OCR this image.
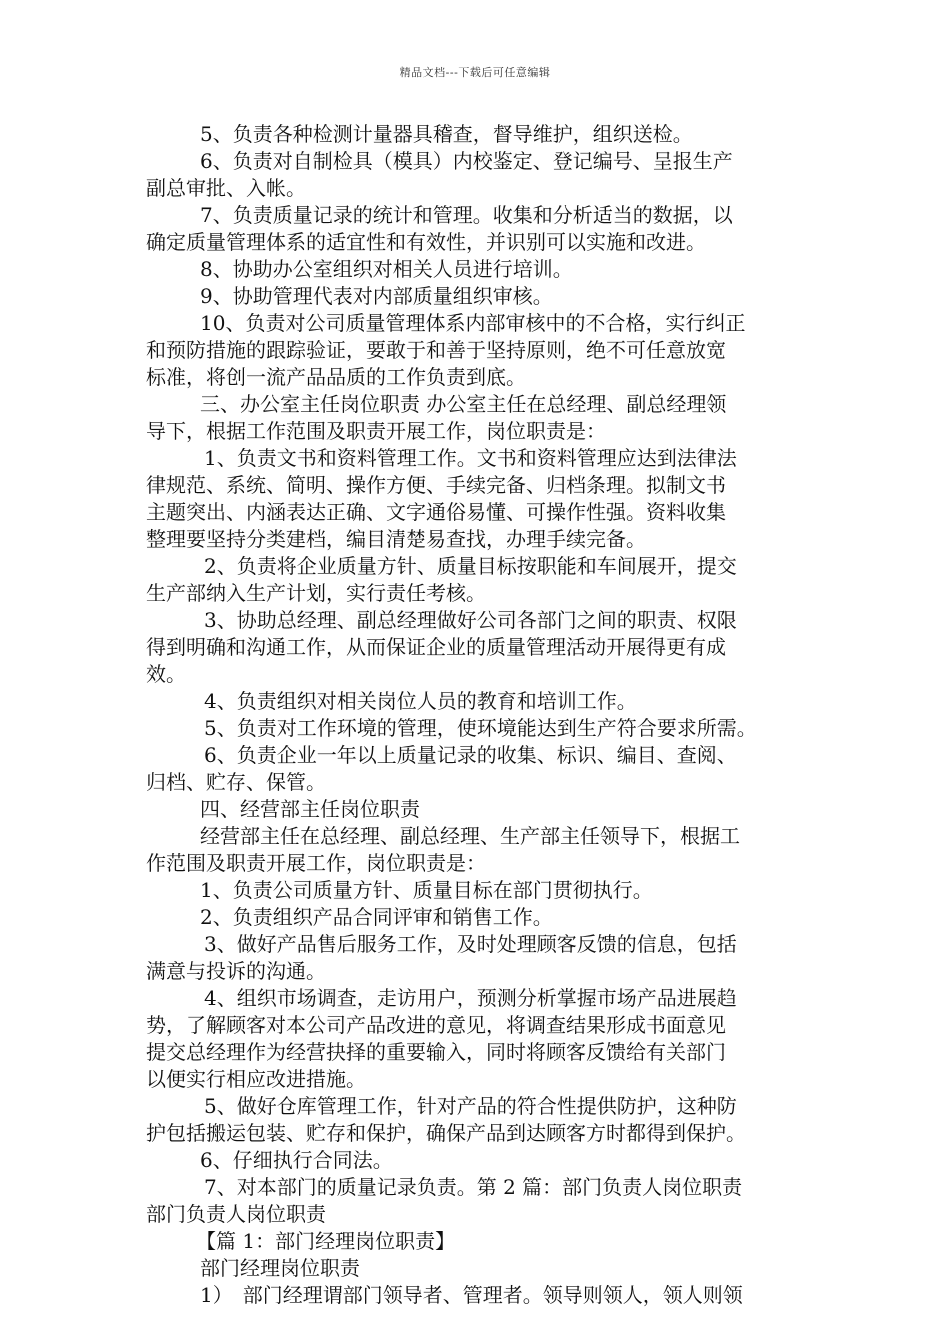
精品文档---下载后可任意编辑
5、负责各种检测计量器具稽查，督导维护，组织送检。
6、负责对自制检具（模具）内校鉴定、登记编号、呈报生产
副总审批、入帐。
7、负责质量记录的统计和管理。收集和分析适当的数据，以
确定质量管理体系的适宜性和有效性，并识别可以实施和改进。
8、协助办公室组织对相关人员进行培训。
9、协助管理代表对内部质量组织审核。
10、负责对公司质量管理体系内部审核中的不合格，实行纠正
和预防措施的跟踪验证，要敢于和善于坚持原则，绝不可任意放宽
标准，将创一流产品品质的工作负责到底。
三、办公室主任岗位职责 办公室主任在总经理、副总经理领
导下，根据工作范围及职责开展工作，岗位职责是：
1、负责文书和资料管理工作。文书和资料管理应达到法律法
律规范、系统、简明、操作方便、手续完备、归档条理。拟制文书
主题突出、内涵表达正确、文字通俗易懂、可操作性强。资料收集
整理要坚持分类建档，编目清楚易查找，办理手续完备。
2、负责将企业质量方针、质量目标按职能和车间展开，提交
生产部纳入生产计划，实行责任考核。
3、协助总经理、副总经理做好公司各部门之间的职责、权限
得到明确和沟通工作，从而保证企业的质量管理活动开展得更有成
效。
4、负责组织对相关岗位人员的教育和培训工作。
5、负责对工作环境的管理，使环境能达到生产符合要求所需。
6、负责企业一年以上质量记录的收集、标识、编目、查阅、
归档、贮存、保管。
四、经营部主任岗位职责
经营部主任在总经理、副总经理、生产部主任领导下，根据工
作范围及职责开展工作，岗位职责是：
1、负责公司质量方针、质量目标在部门贯彻执行。
2、负责组织产品合同评审和销售工作。
3、做好产品售后服务工作，及时处理顾客反馈的信息，包括
满意与投诉的沟通。
4、组织市场调查，走访用户，预测分析掌握市场产品进展趋
势，了解顾客对本公司产品改进的意见，将调查结果形成书面意见
提交总经理作为经营抉择的重要输入，同时将顾客反馈给有关部门
以便实行相应改进措施。
5、做好仓库管理工作，针对产品的符合性提供防护，这种防
护包括搬运包装、贮存和保护，确保产品到达顾客方时都得到保护。
6、仔细执行合同法。
7、对本部门的质量记录负责。第 2 篇：部门负责人岗位职责
部门负责人岗位职责
【篇 1：部门经理岗位职责】
部门经理岗位职责
1）　部门经理谓部门领导者、管理者。领导则领人，领人则领
